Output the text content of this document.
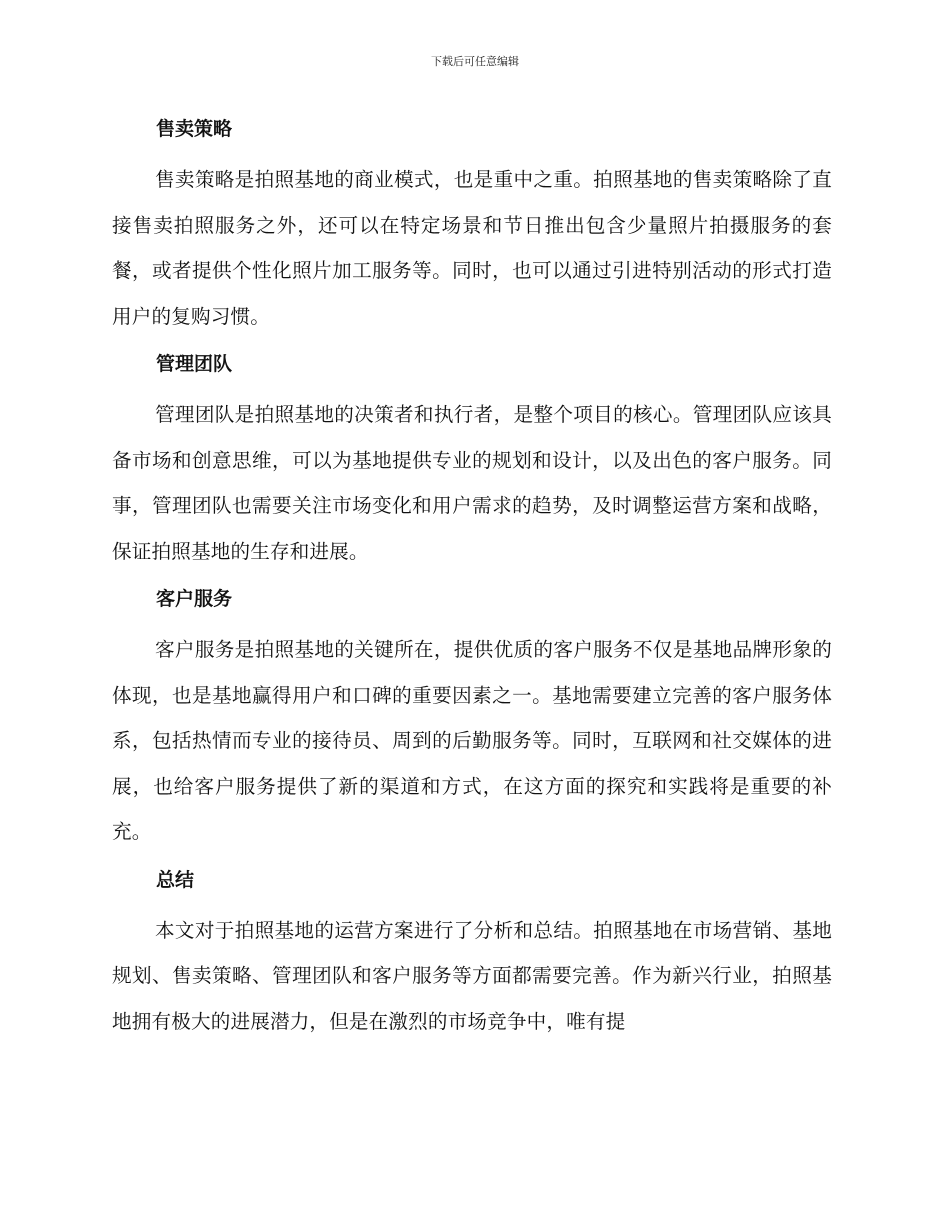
下载后可任意编辑
售卖策略

售卖策略是拍照基地的商业模式，也是重中之重。拍照基地的售卖策略除了直接售卖拍照服务之外，还可以在特定场景和节日推出包含少量照片拍摄服务的套餐，或者提供个性化照片加工服务等。同时，也可以通过引进特别活动的形式打造用户的复购习惯。

管理团队

管理团队是拍照基地的决策者和执行者，是整个项目的核心。管理团队应该具备市场和创意思维，可以为基地提供专业的规划和设计，以及出色的客户服务。同事，管理团队也需要关注市场变化和用户需求的趋势，及时调整运营方案和战略，保证拍照基地的生存和进展。

客户服务

客户服务是拍照基地的关键所在，提供优质的客户服务不仅是基地品牌形象的体现，也是基地赢得用户和口碑的重要因素之一。基地需要建立完善的客户服务体系，包括热情而专业的接待员、周到的后勤服务等。同时，互联网和社交媒体的进展，也给客户服务提供了新的渠道和方式，在这方面的探究和实践将是重要的补充。

总结

本文对于拍照基地的运营方案进行了分析和总结。拍照基地在市场营销、基地规划、售卖策略、管理团队和客户服务等方面都需要完善。作为新兴行业，拍照基地拥有极大的进展潜力，但是在激烈的市场竞争中，唯有提
